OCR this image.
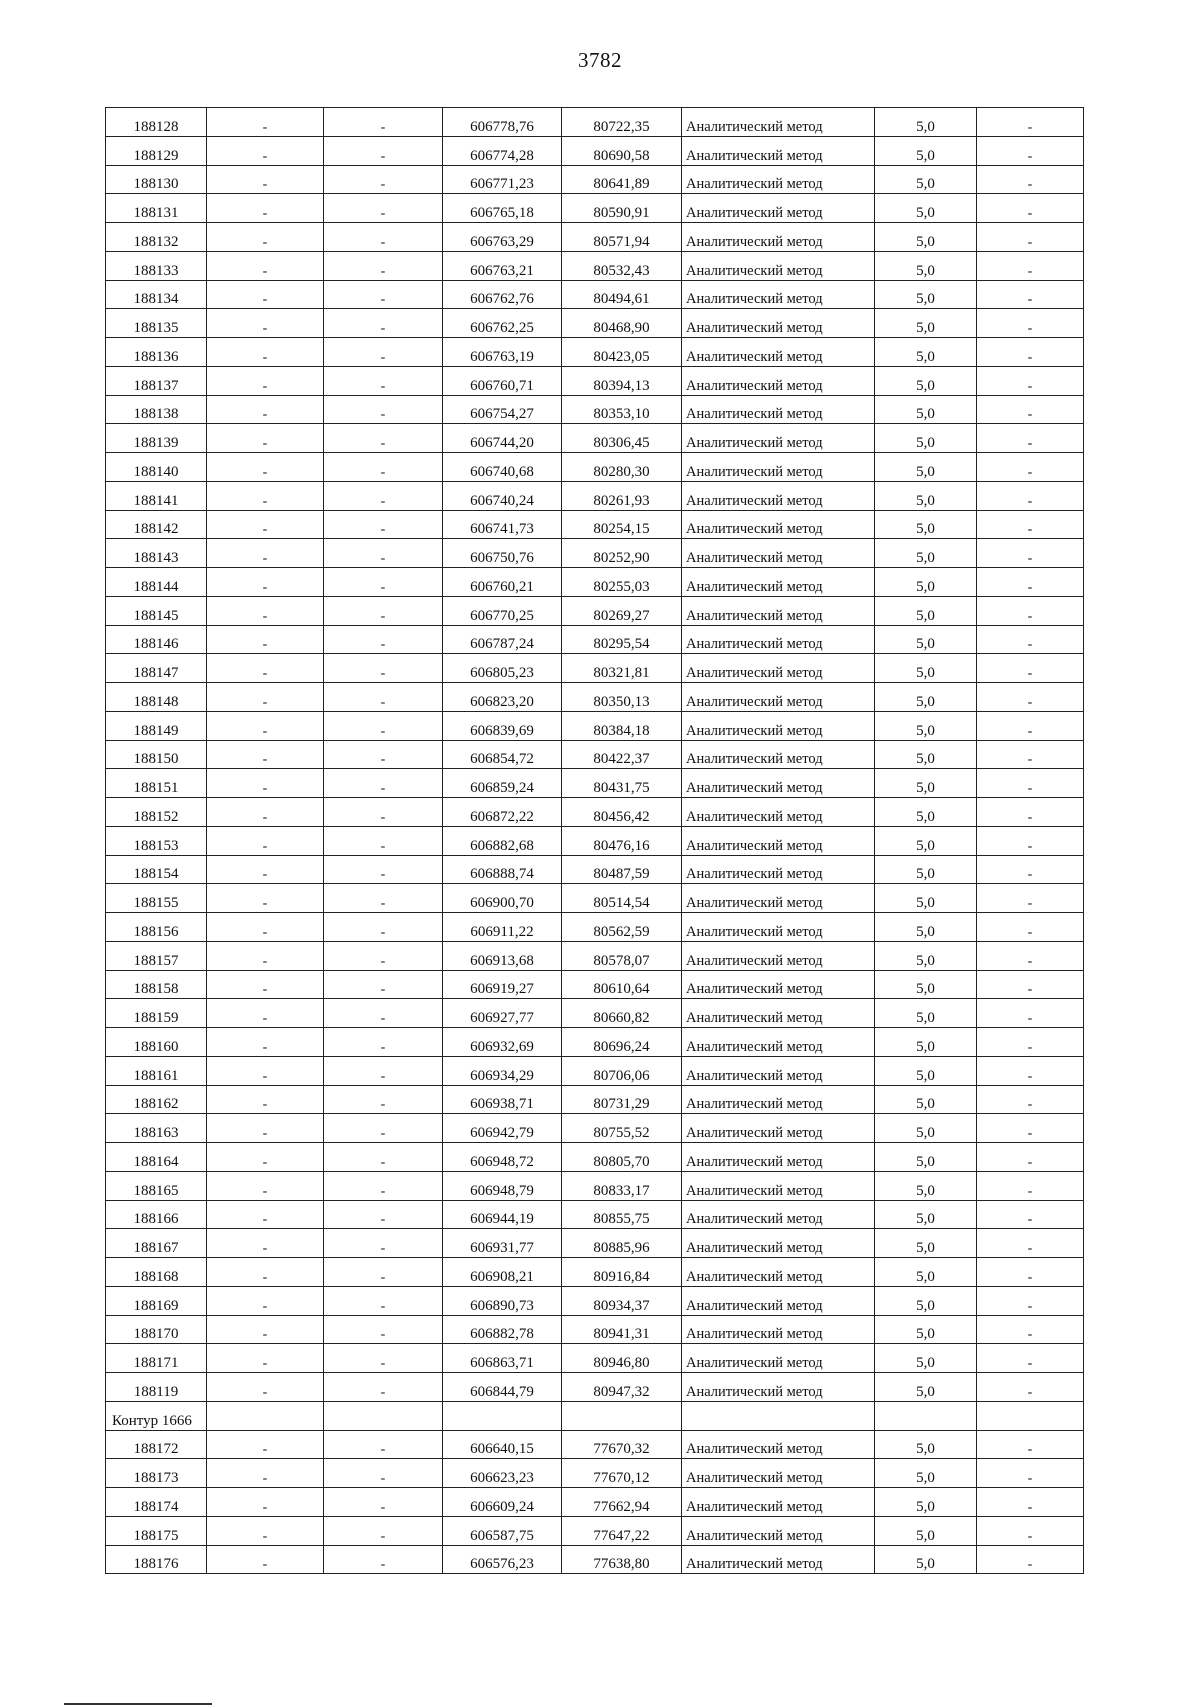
3782
188128	-	-	606778,76	80722,35	Аналитический метод	5,0	-
188129	-	-	606774,28	80690,58	Аналитический метод	5,0	-
188130	-	-	606771,23	80641,89	Аналитический метод	5,0	-
188131	-	-	606765,18	80590,91	Аналитический метод	5,0	-
188132	-	-	606763,29	80571,94	Аналитический метод	5,0	-
188133	-	-	606763,21	80532,43	Аналитический метод	5,0	-
188134	-	-	606762,76	80494,61	Аналитический метод	5,0	-
188135	-	-	606762,25	80468,90	Аналитический метод	5,0	-
188136	-	-	606763,19	80423,05	Аналитический метод	5,0	-
188137	-	-	606760,71	80394,13	Аналитический метод	5,0	-
188138	-	-	606754,27	80353,10	Аналитический метод	5,0	-
188139	-	-	606744,20	80306,45	Аналитический метод	5,0	-
188140	-	-	606740,68	80280,30	Аналитический метод	5,0	-
188141	-	-	606740,24	80261,93	Аналитический метод	5,0	-
188142	-	-	606741,73	80254,15	Аналитический метод	5,0	-
188143	-	-	606750,76	80252,90	Аналитический метод	5,0	-
188144	-	-	606760,21	80255,03	Аналитический метод	5,0	-
188145	-	-	606770,25	80269,27	Аналитический метод	5,0	-
188146	-	-	606787,24	80295,54	Аналитический метод	5,0	-
188147	-	-	606805,23	80321,81	Аналитический метод	5,0	-
188148	-	-	606823,20	80350,13	Аналитический метод	5,0	-
188149	-	-	606839,69	80384,18	Аналитический метод	5,0	-
188150	-	-	606854,72	80422,37	Аналитический метод	5,0	-
188151	-	-	606859,24	80431,75	Аналитический метод	5,0	-
188152	-	-	606872,22	80456,42	Аналитический метод	5,0	-
188153	-	-	606882,68	80476,16	Аналитический метод	5,0	-
188154	-	-	606888,74	80487,59	Аналитический метод	5,0	-
188155	-	-	606900,70	80514,54	Аналитический метод	5,0	-
188156	-	-	606911,22	80562,59	Аналитический метод	5,0	-
188157	-	-	606913,68	80578,07	Аналитический метод	5,0	-
188158	-	-	606919,27	80610,64	Аналитический метод	5,0	-
188159	-	-	606927,77	80660,82	Аналитический метод	5,0	-
188160	-	-	606932,69	80696,24	Аналитический метод	5,0	-
188161	-	-	606934,29	80706,06	Аналитический метод	5,0	-
188162	-	-	606938,71	80731,29	Аналитический метод	5,0	-
188163	-	-	606942,79	80755,52	Аналитический метод	5,0	-
188164	-	-	606948,72	80805,70	Аналитический метод	5,0	-
188165	-	-	606948,79	80833,17	Аналитический метод	5,0	-
188166	-	-	606944,19	80855,75	Аналитический метод	5,0	-
188167	-	-	606931,77	80885,96	Аналитический метод	5,0	-
188168	-	-	606908,21	80916,84	Аналитический метод	5,0	-
188169	-	-	606890,73	80934,37	Аналитический метод	5,0	-
188170	-	-	606882,78	80941,31	Аналитический метод	5,0	-
188171	-	-	606863,71	80946,80	Аналитический метод	5,0	-
188119	-	-	606844,79	80947,32	Аналитический метод	5,0	-
Контур 1666							
188172	-	-	606640,15	77670,32	Аналитический метод	5,0	-
188173	-	-	606623,23	77670,12	Аналитический метод	5,0	-
188174	-	-	606609,24	77662,94	Аналитический метод	5,0	-
188175	-	-	606587,75	77647,22	Аналитический метод	5,0	-
188176	-	-	606576,23	77638,80	Аналитический метод	5,0	-
